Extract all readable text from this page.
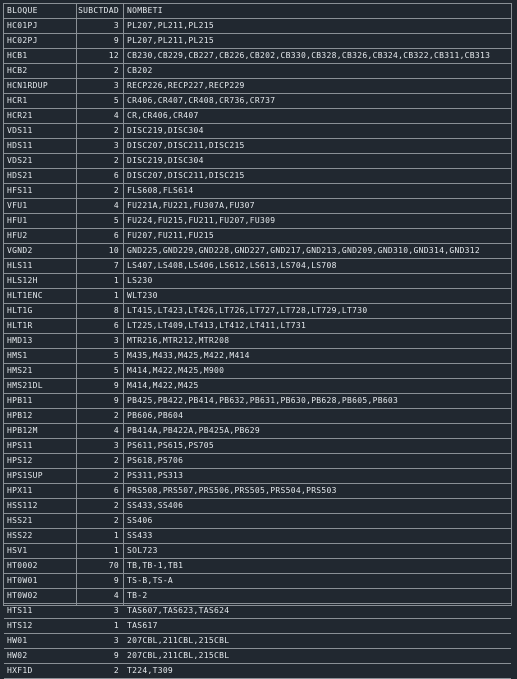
BLOQUE	SUBCTDAD	NOMBETI
HC01PJ	3	PL207,PL211,PL215
HC02PJ	9	PL207,PL211,PL215
HCB1	12	CB230,CB229,CB227,CB226,CB202,CB330,CB328,CB326,CB324,CB322,CB311,CB313
HCB2	2	CB202
HCN1RDUP	3	RECP226,RECP227,RECP229
HCR1	5	CR406,CR407,CR408,CR736,CR737
HCR21	4	CR,CR406,CR407
VDS11	2	DISC219,DISC304
HDS11	3	DISC207,DISC211,DISC215
VDS21	2	DISC219,DISC304
HDS21	6	DISC207,DISC211,DISC215
HFS11	2	FLS608,FLS614
VFU1	4	FU221A,FU221,FU307A,FU307
HFU1	5	FU224,FU215,FU211,FU207,FU309
HFU2	6	FU207,FU211,FU215
VGND2	10	GND225,GND229,GND228,GND227,GND217,GND213,GND209,GND310,GND314,GND312
HLS11	7	LS407,LS408,LS406,LS612,LS613,LS704,LS708
HLS12H	1	LS230
HLT1ENC	1	WLT230
HLT1G	8	LT415,LT423,LT426,LT726,LT727,LT728,LT729,LT730
HLT1R	6	LT225,LT409,LT413,LT412,LT411,LT731
HMD13	3	MTR216,MTR212,MTR208
HMS1	5	M435,M433,M425,M422,M414
HMS21	5	M414,M422,M425,M900
HMS21DL	9	M414,M422,M425
HPB11	9	PB425,PB422,PB414,PB632,PB631,PB630,PB628,PB605,PB603
HPB12	2	PB606,PB604
HPB12M	4	PB414A,PB422A,PB425A,PB629
HPS11	3	PS611,PS615,PS705
HPS12	2	PS618,PS706
HPS1SUP	2	PS311,PS313
HPX11	6	PRS508,PRS507,PRS506,PRS505,PRS504,PRS503
HSS112	2	SS433,SS406
HSS21	2	SS406
HSS22	1	SS433
HSV1	1	SOL723
HT0002	70	TB,TB-1,TB1
HT0W01	9	TS-B,TS-A
HT0W02	4	TB-2
HTS11	3	TAS607,TAS623,TAS624
HTS12	1	TAS617
HW01	3	207CBL,211CBL,215CBL
HW02	9	207CBL,211CBL,215CBL
HXF1D	2	T224,T309
